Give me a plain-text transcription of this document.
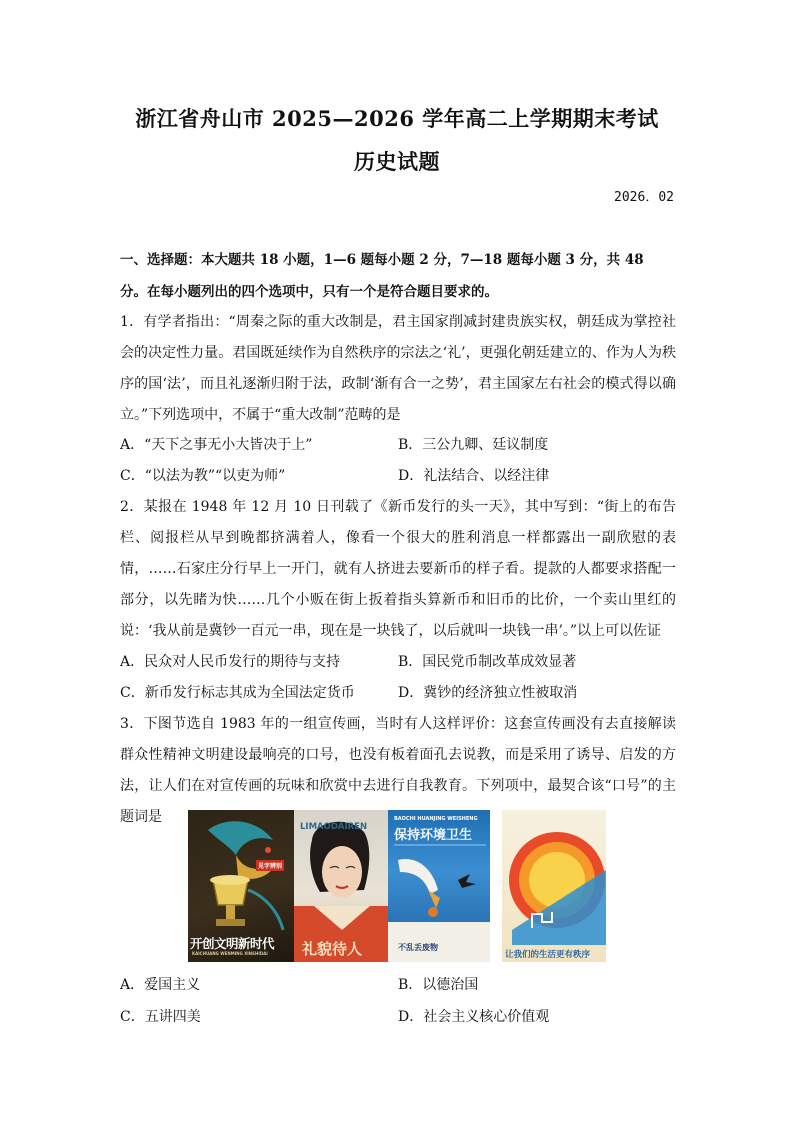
浙江省舟山市 2025—2026 学年高二上学期期末考试
历史试题
2026．02
一、选择题：本大题共 18 小题，1—6 题每小题 2 分，7—18 题每小题 3 分，共 48 分。在每小题列出的四个选项中，只有一个是符合题目要求的。
1．有学者指出：“周秦之际的重大改制是，君主国家削减封建贵族实权，朝廷成为掌控社会的决定性力量。君国既延续作为自然秩序的宗法之‘礼’，更强化朝廷建立的、作为人为秩序的国‘法’，而且礼逐渐归附于法，政制‘渐有合一之势’，君主国家左右社会的模式得以确立。”下列选项中，不属于“重大改制”范畴的是
A．“天下之事无小大皆决于上”	B．三公九卿、廷议制度
C．“以法为教”“以吏为师”	D．礼法结合、以经注律
2．某报在 1948 年 12 月 10 日刊载了《新币发行的头一天》，其中写到：“街上的布告栏、阅报栏从早到晚都挤满着人，像看一个很大的胜利消息一样都露出一副欣慰的表情，……石家庄分行早上一开门，就有人挤进去要新币的样子看。提款的人都要求搭配一部分，以先睹为快……几个小贩在街上扳着指头算新币和旧币的比价，一个卖山里红的说：‘我从前是冀钞一百元一串，现在是一块钱了，以后就叫一块钱一串’。”以上可以佐证
A．民众对人民币发行的期待与支持	B．国民党币制改革成效显著
C．新币发行标志其成为全国法定货币	D．冀钞的经济独立性被取消
3．下图节选自 1983 年的一组宣传画，当时有人这样评价：这套宣传画没有去直接解读群众性精神文明建设最响亮的口号，也没有板着面孔去说教，而是采用了诱导、启发的方法，让人们在对宣传画的玩味和欣赏中去进行自我教育。下列项中，最契合该“口号”的主题词是
见字辨别
开创文明新时代
KAICHUANG WENMING XINSHIDAI
LIMAODAIREN
礼貌待人
BAOCHI HUANJING WEISHENG
保持环境卫生
不乱丢废物
让我们的生活更有秩序
A．爱国主义	B．以德治国
C．五讲四美	D．社会主义核心价值观
